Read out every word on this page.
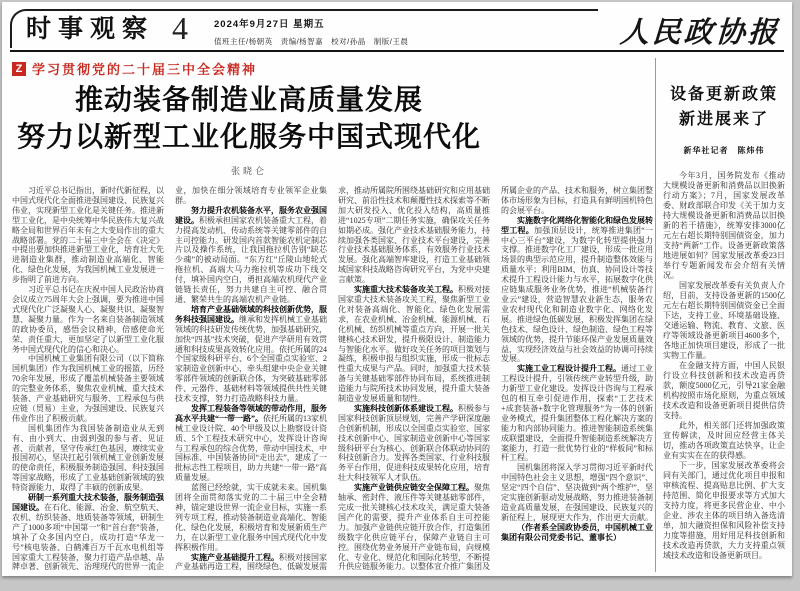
时事观察 4	2024年9月27日 星期五
值班主任/杨朝英　责编/杨智嘉　校对/孙晶　制版/王晨	人民政协报
Z 学习贯彻党的二十届三中全会精神
推动装备制造业高质量发展
努力以新型工业化服务中国式现代化
张晓仑

习近平总书记指出，新时代新征程，以中国式现代化全面推进强国建设、民族复兴伟业，实现新型工业化是关键任务。推进新型工业化，是中央统筹中华民族伟大复兴战略全局和世界百年未有之大变局作出的重大战略部署。党的二十届三中全会在《决定》中提出要加快推进新型工业化，培育壮大先进制造业集群，推动制造业高端化、智能化、绿色化发展，为我国机械工业发展进一步指明了前进方向。

习近平总书记在庆祝中国人民政治协商会议成立75周年大会上强调，要为推进中国式现代化广泛凝聚人心、凝聚共识、凝聚智慧、凝聚力量。作为一名来自装备制造领域的政协委员，感悟会议精神，倍感使命光荣、责任重大，更加坚定了以新型工业化服务中国式现代化的信心和决心。

中国机械工业集团有限公司（以下简称国机集团）作为我国机械工业的摇篮，历经70余年发展，形成了覆盖机械装备主要领域的完整业务体系，聚焦农业机械、重大技术装备、产业基础研究与服务、工程承包与供应链（贸易）主业，为强国建设、民族复兴伟业作出了积极贡献。

国机集团作为我国装备制造业从无到有、由小到大、由弱到强的参与者、见证者、贡献者，坚守传承红色基因，赓续实业报国初心，坚决扛起引领机械工业创新发展的使命责任，积极服务制造强国、科技强国等国家战略，形成了工业基础创新领域的独特资源能力，取得了丰硕的创新成果。

研制一系列重大技术装备，服务制造强国建设。在石化、能源、冶金、航空航天、农机、纺织装备、地质装备等领域，研制生产了1000多项“中国第一”和“首台套”装备，填补了众多国内空白，成功打造“华龙一号”核电装备、白鹤滩百万千瓦水电机组等国家重大工程装备，聚力打造产品卓越、品牌卓著、创新领先、治理现代的世界一流企业，加快在细分领域培育专业领军企业集群。

努力提升农机装备水平，服务农业强国建设。积极承担国家农机装备重大工程，着力提高发动机、传动系统等关键零部件的自主可控能力。研发国内首款智能农机定制芯片以及操作系统，让我国拖拉机告别“缺芯少魂”的被动局面。“东方红”丘陵山地轮式拖拉机、高端大马力拖拉机等成功下线交付，填补国内空白，勇担高端农机现代产业链链长责任，努力共建自主可控、融合贯通、繁荣共生的高端农机产业链。

培育产业基础领域的科技创新优势，服务科技强国建设。继承和发挥机械工业基础领域的科技研发传统优势，加强基础研究，加快“四基”技术突破，促进产学研用有效贯通和科技成果高效转化应用。依托所属的24个国家级科研平台、6个全国重点实验室、2家制造业创新中心，牵头组建中央企业关键零部件领域的创新联合体，为突破基础零部件、元器件、基础材料等领域提供共性关键技术支撑，努力打造战略科技力量。

发挥工程装备等领域的带动作用，服务高水平共建“一带一路”。依托所属的13家机械工业设计院、40个甲级及以上勘察设计资质、5个工程技术研究中心，发挥设计咨询与工程承包的综合优势，带动中国技术、中国标准、中国装备协同“走出去”，建成了一批标志性工程项目，助力共建“一带一路”高质量发展。

蓝图已经绘就，实干成就未来。国机集团将全面贯彻落实党的二十届三中全会精神，锚定建设世界一流企业目标，实施一系列专项工程，推动装备制造业高端化、智能化、绿色化发展，积极培育和发展新质生产力，在以新型工业化服务中国式现代化中发挥积极作用。

实施产业基础提升工程。积极对接国家产业基础再造工程，围绕绿色、低碳发展需求，推动所属院所围绕基础研究和应用基础研究、前沿性技术和颠覆性技术探索等不断加大研发投入、优化投入结构，高质量推进“1025专项”二期任务实施，确保攻关任务如期必成。强化产业技术基础服务能力，持续加强各类国家、行业技术平台建设，完善行业技术基础服务体系，有效服务行业技术发展。强化高端智库建设，打造工业基础领域国家科技战略咨询研究平台，为党中央建言献策。

实施重大技术装备攻关工程。积极对接国家重大技术装备攻关工程，聚焦新型工业化对装备高端化、智能化、绿色化发展需求，在农业机械、冶金机械、能源机械、石化机械、纺织机械等重点方向，开展一批关键核心技术研发，提升极限设计、制造能力与智能化水平。做好攻关任务的项目策划与凝练，积极申报与组织实施，形成一批标志性重大成果与产品。同时，加强重大技术装备与关键基础零部件协同布局，系统推进制造能力与院所技术协同发展，提升重大装备制造业发展质量和韧性。

实施科技创新体系建设工程。积极参与国家科技创新顶层规划，完善产学研深度融合创新机制，形成以全国重点实验室、国家技术创新中心、国家制造业创新中心等国家级科研平台为核心、创新联合体联动协同的科技创新合力。发挥各类国家、行业科技服务平台作用，促进科技成果转化应用，培育壮大科技领军人才队伍。

实施产业链供应链安全保障工程。聚焦轴承、密封件、液压件等关键基础零部件，完成一批关键核心技术攻关，满足重大装备国产化的需要，提升产业体系自主可控能力。加强产业链供应链开放合作，打造集团级数字化供应链平台，保障产业链自主可控。围绕优势业务展开产业链布局，向规模化、专业化、规范化和国际化转型，不断提升供应链服务能力。以整体宣介推广集团及所属企业的产品、技术和服务，树立集团整体市场形象为目标，打造具有鲜明国机特色的会展平台。

实施数字化网络化智能化和绿色发展转型工程。加强顶层设计，统筹推进集团“一中心三平台”建设，为数字化转型提供强力支撑。推进数字化工厂建设，形成一批应用场景的典型示范应用，提升制造整体效能与质量水平；利用BIM、仿真、协同设计等技术提升工程设计能力与水平，拓展数字化供应链集成服务业务优势，推进“机械装备行业云”建设，营造智慧农业新生态，服务农业农村现代化和制造业数字化、网络化发展。推进绿色低碳发展，积极发挥集团在绿色技术、绿色设计、绿色制造、绿色工程等领域的优势，提升节能环保产业发展质量效益，实现经济效益与社会效益的协调可持续发展。

实施工业工程设计提升工程。通过工业工程设计提升，引领传统产业转型升级，助力新型工业化建设。发挥设计咨询与工程承包的相互牵引促进作用，探索“工艺技术+成套装备+数字化管理服务”为一体的创新业务模式，提升集团整体工程化解决方案的能力和内部协同能力。推进智能制造系统集成联盟建设，全面提升智能制造系统解决方案能力，打造一批优势行业的“样板间”和标杆工程。

国机集团将深入学习贯彻习近平新时代中国特色社会主义思想，增强“四个意识”、坚定“四个自信”、坚决做到“两个维护”，坚定实施创新驱动发展战略，努力推进装备制造业高质量发展，在强国建设、民族复兴的新征程上，展现更大作为，作出更大贡献。

（作者系全国政协委员，中国机械工业集团有限公司党委书记、董事长）

设备更新政策
新进展来了
新华社记者　陈炜伟

今年3月，国务院发布《推动大规模设备更新和消费品以旧换新行动方案》；7月，国家发展改革委、财政部联合印发《关于加力支持大规模设备更新和消费品以旧换新的若干措施》，统筹安排3000亿元左右超长期特别国债资金，加力支持“两新”工作。设备更新政策落地进展如何？国家发展改革委23日举行专题新闻发布会介绍有关情况。

国家发展改革委有关负责人介绍，目前，支持设备更新的1500亿元左右超长期特别国债资金已全面下达，支持工业、环境基础设施、交通运输、物流、教育、文旅、医疗等领域设备更新项目4600多个，各地正加快项目建设，形成了一批实物工作量。

在金融支持方面，中国人民银行设立科技创新和技术改造再贷款，额度5000亿元，引导21家金融机构按照市场化原则，为重点领域技术改造和设备更新项目提供信贷支持。

此外，相关部门还将加强政策宣传解读，及时回应经营主体关切，推动各项政策直达快享，让企业有实实在在的获得感。

下一步，国家发展改革委将会同有关部门，通过优化项目申报和审核流程、提高贴息比例、扩大支持范围、简化申报要求等方式加大支持力度，将更多民营企业、中小企业、涉农主体的项目纳入备选清单，加大融资担保和风险补偿支持力度等措施，用好用足科技创新和技术改造再贷款，大力支持重点领域技术改造和设备更新项目。
